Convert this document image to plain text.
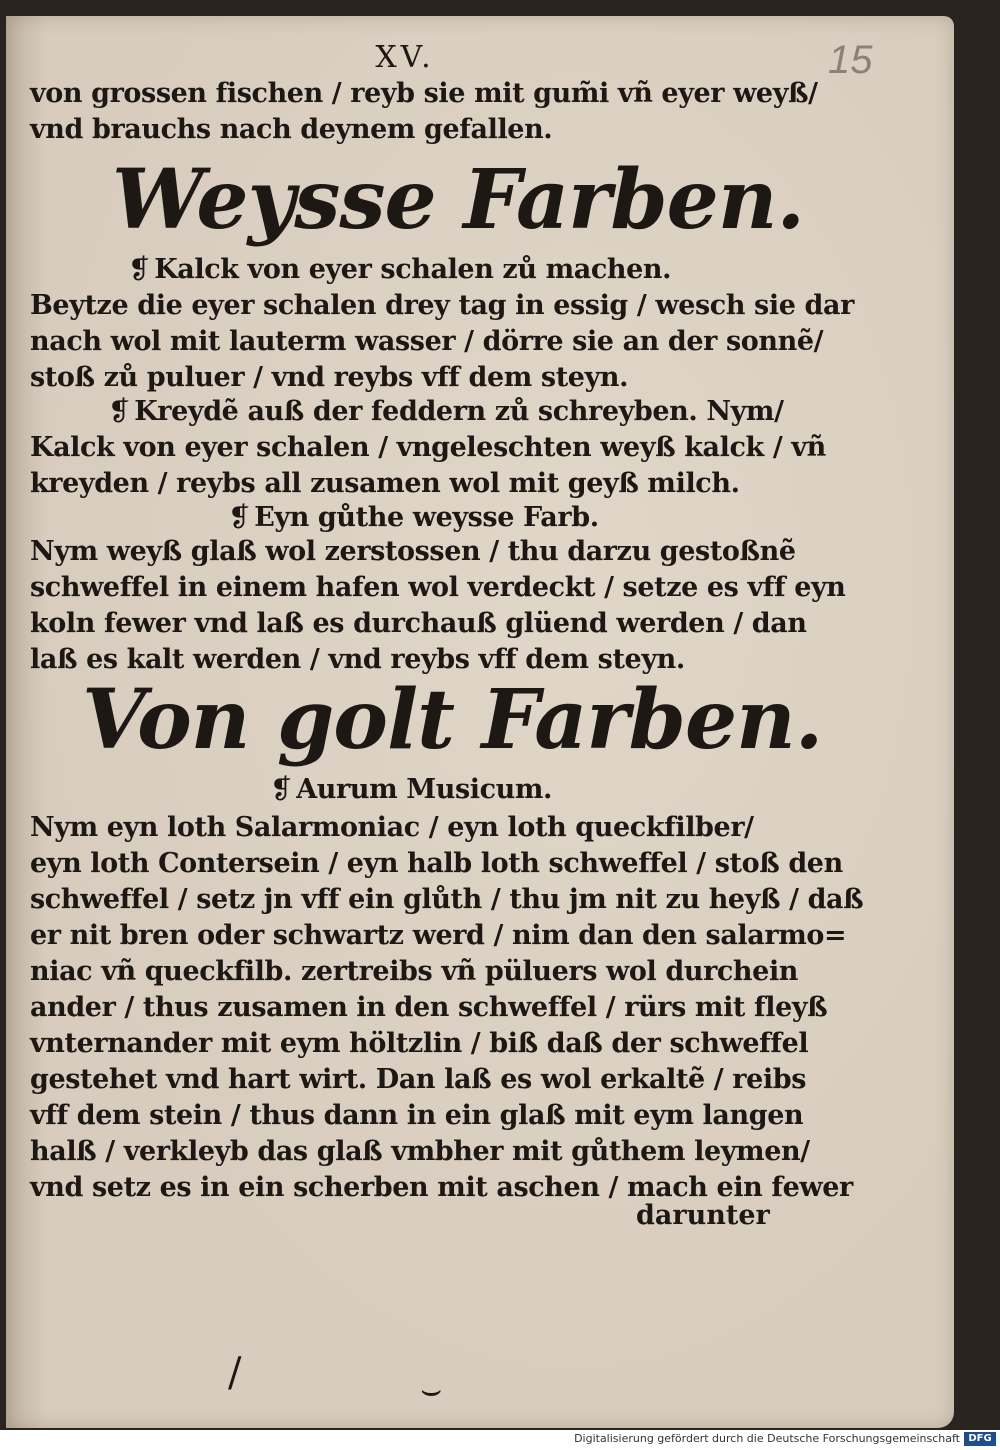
XV.	15
von grossen fischen / reyb sie mit gum̃i vñ eyer weyß/
vnd brauchs nach deynem gefallen.
Weysse Farben.
❡ Kalck von eyer schalen zů machen.
Beytze die eyer schalen drey tag in essig / wesch sie dar
nach wol mit lauterm wasser / dörre sie an der sonnẽ/
stoß zů puluer / vnd reybs vff dem steyn.
❡ Kreydẽ auß der feddern zů schreyben. Nym/
Kalck von eyer schalen / vngeleschten weyß kalck / vñ
kreyden / reybs all zusamen wol mit geyß milch.
❡ Eyn gůthe weysse Farb.
Nym weyß glaß wol zerstossen / thu darzu gestoßnẽ
schweffel in einem hafen wol verdeckt / setze es vff eyn
koln fewer vnd laß es durchauß glüend werden / dan
laß es kalt werden / vnd reybs vff dem steyn.
Von golt Farben.
❡ Aurum Musicum.
Nym eyn loth Salarmoniac / eyn loth queckfilber/
eyn loth Contersein / eyn halb loth schweffel / stoß den
schweffel / setz jn vff ein glůth / thu jm nit zu heyß / daß
er nit bren oder schwartz werd / nim dan den salarmo=
niac vñ queckfilb. zertreibs vñ püluers wol durchein
ander / thus zusamen in den schweffel / rürs mit fleyß
vnternander mit eym höltzlin / biß daß der schweffel
gestehet vnd hart wirt. Dan laß es wol erkaltẽ / reibs
vff dem stein / thus dann in ein glaß mit eym langen
halß / verkleyb das glaß vmbher mit gůthem leymen/
vnd setz es in ein scherben mit aschen / mach ein fewer
darunter
/	⌣
Digitalisierung gefördert durch die Deutsche Forschungsgemeinschaft DFG
